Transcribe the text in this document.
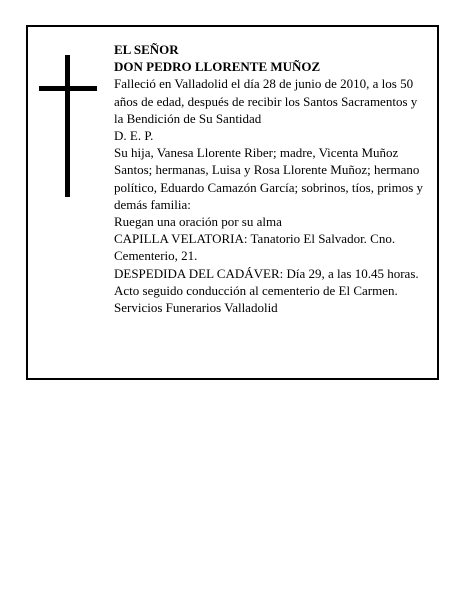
EL SEÑOR

DON PEDRO LLORENTE MUÑOZ

Falleció en Valladolid el día 28 de junio de 2010, a los 50 años de edad, después de recibir los Santos Sacramentos y la Bendición de Su Santidad

D. E. P.

Su hija, Vanesa Llorente Riber; madre, Vicenta Muñoz Santos; hermanas, Luisa y Rosa Llorente Muñoz; hermano político, Eduardo Camazón García; sobrinos, tíos, primos y demás familia:

Ruegan una oración por su alma

CAPILLA VELATORIA: Tanatorio El Salvador. Cno. Cementerio, 21.

DESPEDIDA DEL CADÁVER: Día 29, a las 10.45 horas. Acto seguido conducción al cementerio de El Carmen.

Servicios Funerarios Valladolid
